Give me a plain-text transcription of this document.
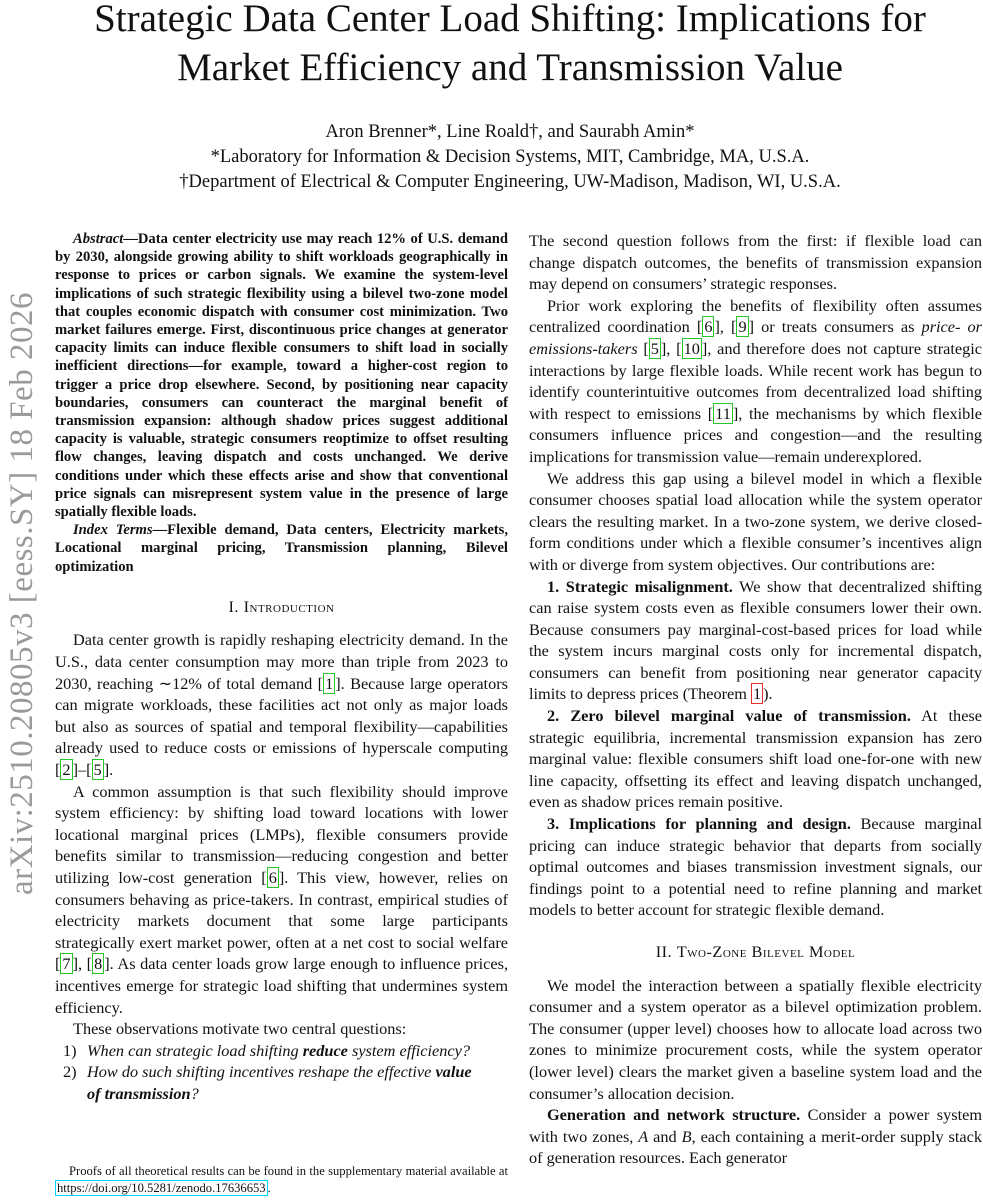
arXiv:2510.20805v3 [eess.SY] 18 Feb 2026
Strategic Data Center Load Shifting: Implications for Market Efficiency and Transmission Value
Aron Brenner*, Line Roald†, and Saurabh Amin*
*Laboratory for Information & Decision Systems, MIT, Cambridge, MA, U.S.A.
†Department of Electrical & Computer Engineering, UW-Madison, Madison, WI, U.S.A.

Abstract—Data center electricity use may reach 12% of U.S. demand by 2030, alongside growing ability to shift workloads geographically in response to prices or carbon signals. We examine the system-level implications of such strategic flexibility using a bilevel two-zone model that couples economic dispatch with consumer cost minimization. Two market failures emerge. First, discontinuous price changes at generator capacity limits can induce flexible consumers to shift load in socially inefficient directions—for example, toward a higher-cost region to trigger a price drop elsewhere. Second, by positioning near capacity boundaries, consumers can counteract the marginal benefit of transmission expansion: although shadow prices suggest additional capacity is valuable, strategic consumers reoptimize to offset resulting flow changes, leaving dispatch and costs unchanged. We derive conditions under which these effects arise and show that conventional price signals can misrepresent system value in the presence of large spatially flexible loads.

Index Terms—Flexible demand, Data centers, Electricity markets, Locational marginal pricing, Transmission planning, Bilevel optimization

I. Introduction

Data center growth is rapidly reshaping electricity demand. In the U.S., data center consumption may more than triple from 2023 to 2030, reaching ∼12% of total demand [ 1 ]. Because large operators can migrate workloads, these facilities act not only as major loads but also as sources of spatial and temporal flexibility—capabilities already used to reduce costs or emissions of hyperscale computing [ 2 ]–[ 5 ].

A common assumption is that such flexibility should improve system efficiency: by shifting load toward locations with lower locational marginal prices (LMPs), flexible consumers provide benefits similar to transmission—reducing congestion and better utilizing low-cost generation [ 6 ]. This view, however, relies on consumers behaving as price-takers. In contrast, empirical studies of electricity markets document that some large participants strategically exert market power, often at a net cost to social welfare [ 7 ], [ 8 ]. As data center loads grow large enough to influence prices, incentives emerge for strategic load shifting that undermines system efficiency.

These observations motivate two central questions:

1) When can strategic load shifting reduce system efficiency?
2) How do such shifting incentives reshape the effective value of transmission?
Proofs of all theoretical results can be found in the supplementary material available at https://doi.org/10.5281/zenodo.17636653 .

The second question follows from the first: if flexible load can change dispatch outcomes, the benefits of transmission expansion may depend on consumers’ strategic responses.

Prior work exploring the benefits of flexibility often assumes centralized coordination [ 6 ], [ 9 ] or treats consumers as price- or emissions-takers [ 5 ], [ 10 ], and therefore does not capture strategic interactions by large flexible loads. While recent work has begun to identify counterintuitive outcomes from decentralized load shifting with respect to emissions [ 11 ], the mechanisms by which flexible consumers influence prices and congestion—and the resulting implications for transmission value—remain underexplored.

We address this gap using a bilevel model in which a flexible consumer chooses spatial load allocation while the system operator clears the resulting market. In a two-zone system, we derive closed-form conditions under which a flexible consumer’s incentives align with or diverge from system objectives. Our contributions are:

1. Strategic misalignment. We show that decentralized shifting can raise system costs even as flexible consumers lower their own. Because consumers pay marginal-cost-based prices for load while the system incurs marginal costs only for incremental dispatch, consumers can benefit from positioning near generator capacity limits to depress prices (Theorem 1 ).

2. Zero bilevel marginal value of transmission. At these strategic equilibria, incremental transmission expansion has zero marginal value: flexible consumers shift load one-for-one with new line capacity, offsetting its effect and leaving dispatch unchanged, even as shadow prices remain positive.

3. Implications for planning and design. Because marginal pricing can induce strategic behavior that departs from socially optimal outcomes and biases transmission investment signals, our findings point to a potential need to refine planning and market models to better account for strategic flexible demand.

II. Two-Zone Bilevel Model

We model the interaction between a spatially flexible electricity consumer and a system operator as a bilevel optimization problem. The consumer (upper level) chooses how to allocate load across two zones to minimize procurement costs, while the system operator (lower level) clears the market given a baseline system load and the consumer’s allocation decision.

Generation and network structure. Consider a power system with two zones, A and B, each containing a merit-order supply stack of generation resources. Each generator
